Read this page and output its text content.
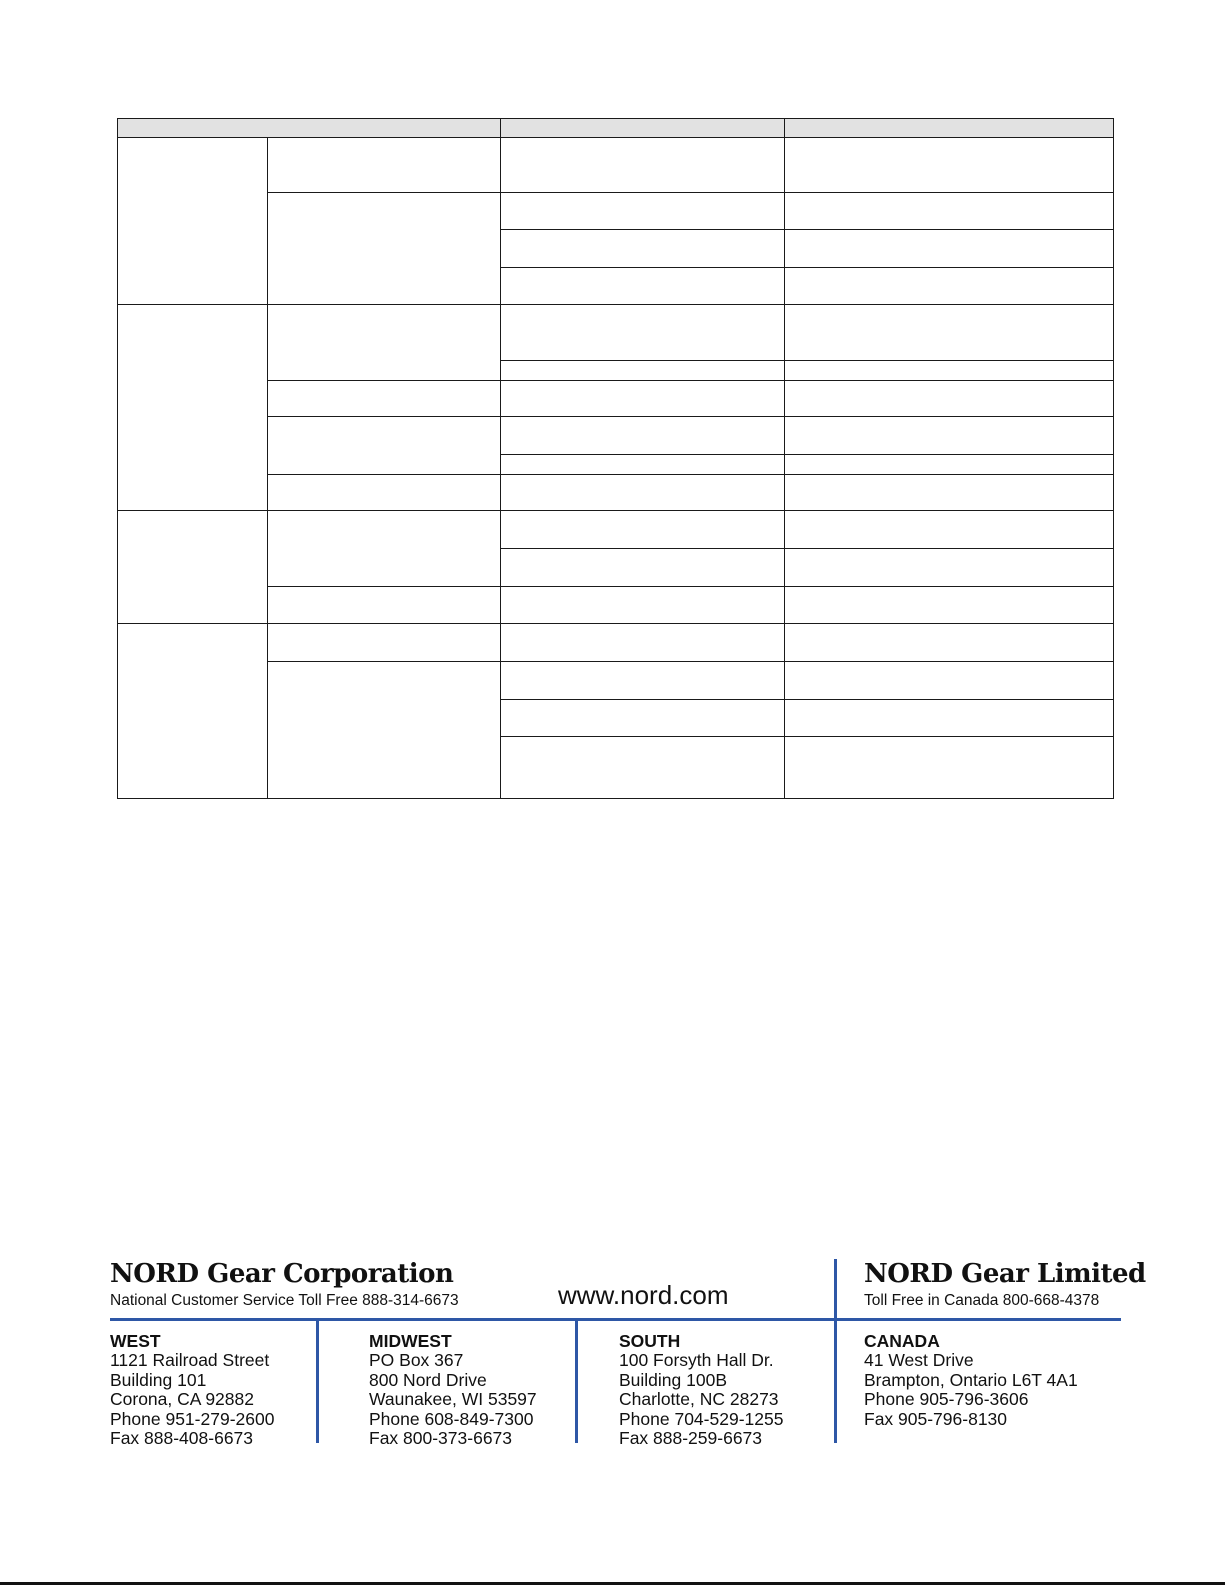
NORD Gear Corporation
National Customer Service Toll Free 888-314-6673	www.nord.com
NORD Gear Limited
Toll Free in Canada 800-668-4378
WEST
1121 Railroad Street
Building 101
Corona, CA 92882
Phone 951-279-2600
Fax 888-408-6673
MIDWEST
PO Box 367
800 Nord Drive
Waunakee, WI 53597
Phone 608-849-7300
Fax 800-373-6673
SOUTH
100 Forsyth Hall Dr.
Building 100B
Charlotte, NC 28273
Phone 704-529-1255
Fax 888-259-6673
CANADA
41 West Drive
Brampton, Ontario L6T 4A1
Phone 905-796-3606
Fax 905-796-8130
